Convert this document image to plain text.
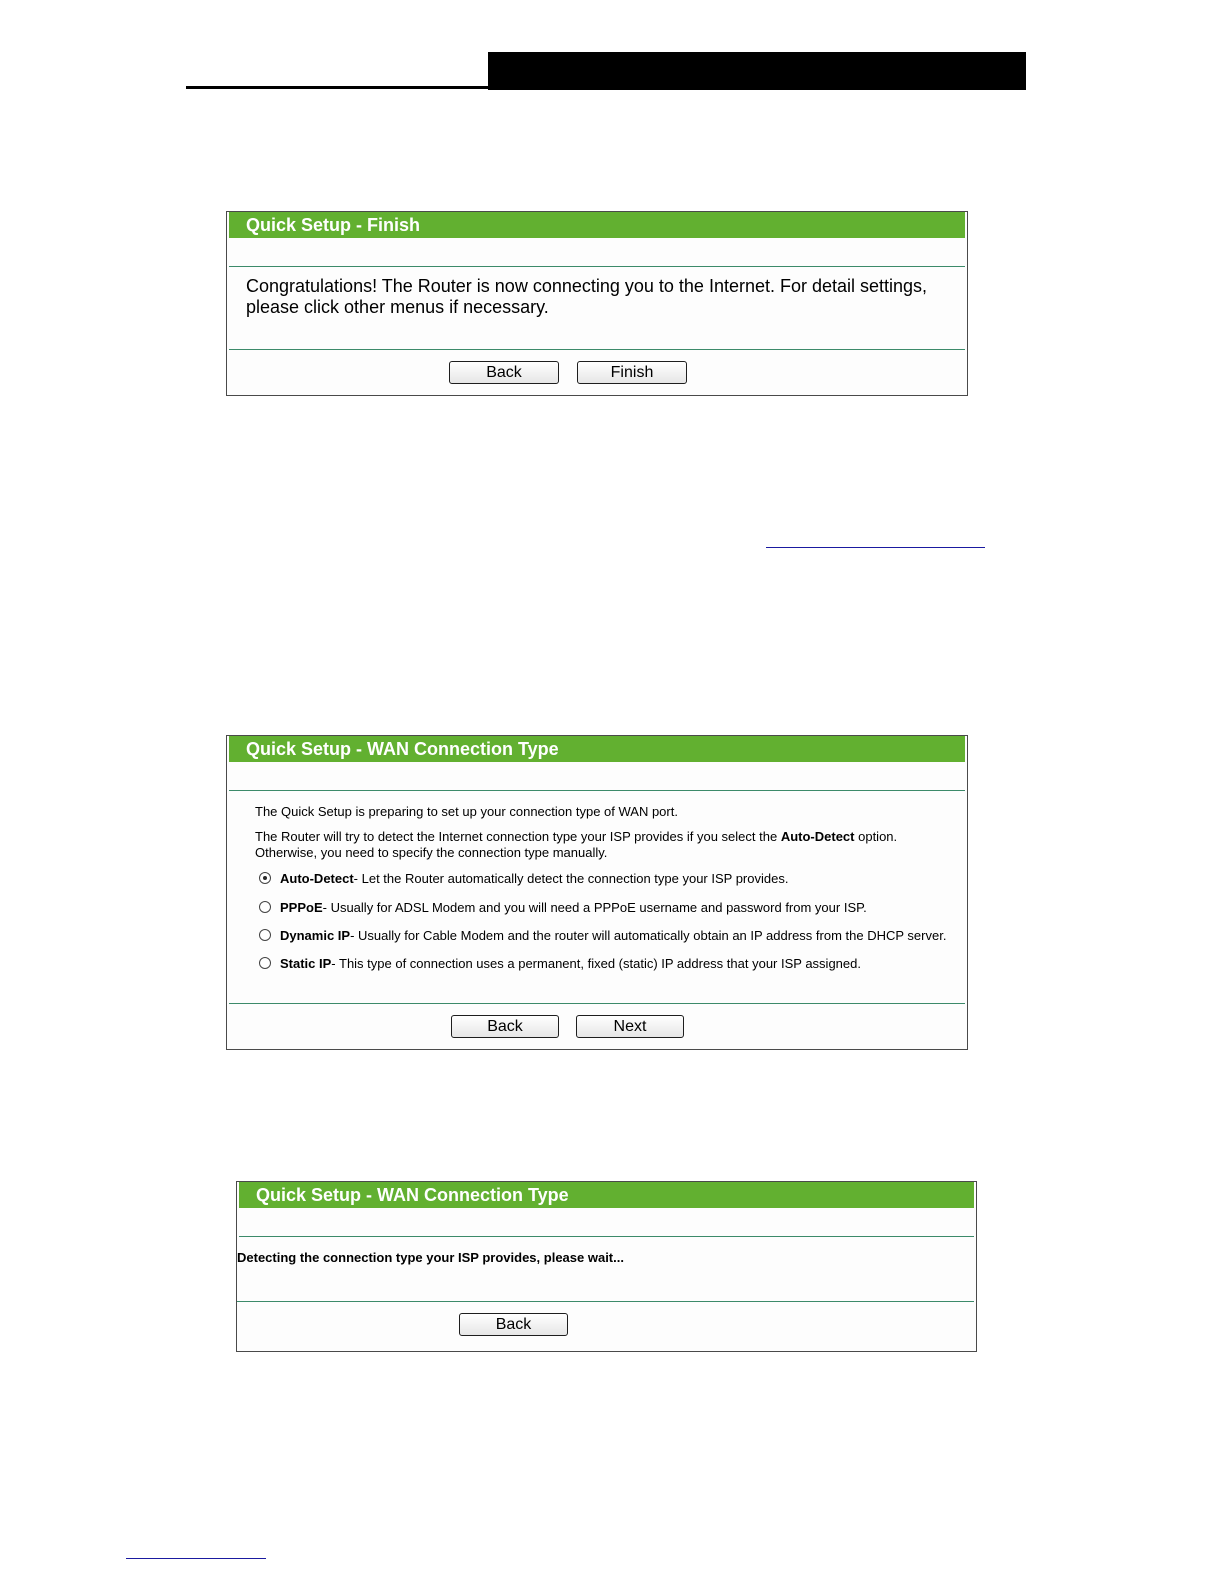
Quick Setup - Finish
Congratulations! The Router is now connecting you to the Internet. For detail settings, please click other menus if necessary.
Back	Finish
Quick Setup - WAN Connection Type
The Quick Setup is preparing to set up your connection type of WAN port.
The Router will try to detect the Internet connection type your ISP provides if you select the Auto-Detect option.
Otherwise, you need to specify the connection type manually.
Auto-Detect - Let the Router automatically detect the connection type your ISP provides.
PPPoE - Usually for ADSL Modem and you will need a PPPoE username and password from your ISP.
Dynamic IP - Usually for Cable Modem and the router will automatically obtain an IP address from the DHCP server.
Static IP - This type of connection uses a permanent, fixed (static) IP address that your ISP assigned.
Back	Next
Quick Setup - WAN Connection Type
Detecting the connection type your ISP provides, please wait...
Back
